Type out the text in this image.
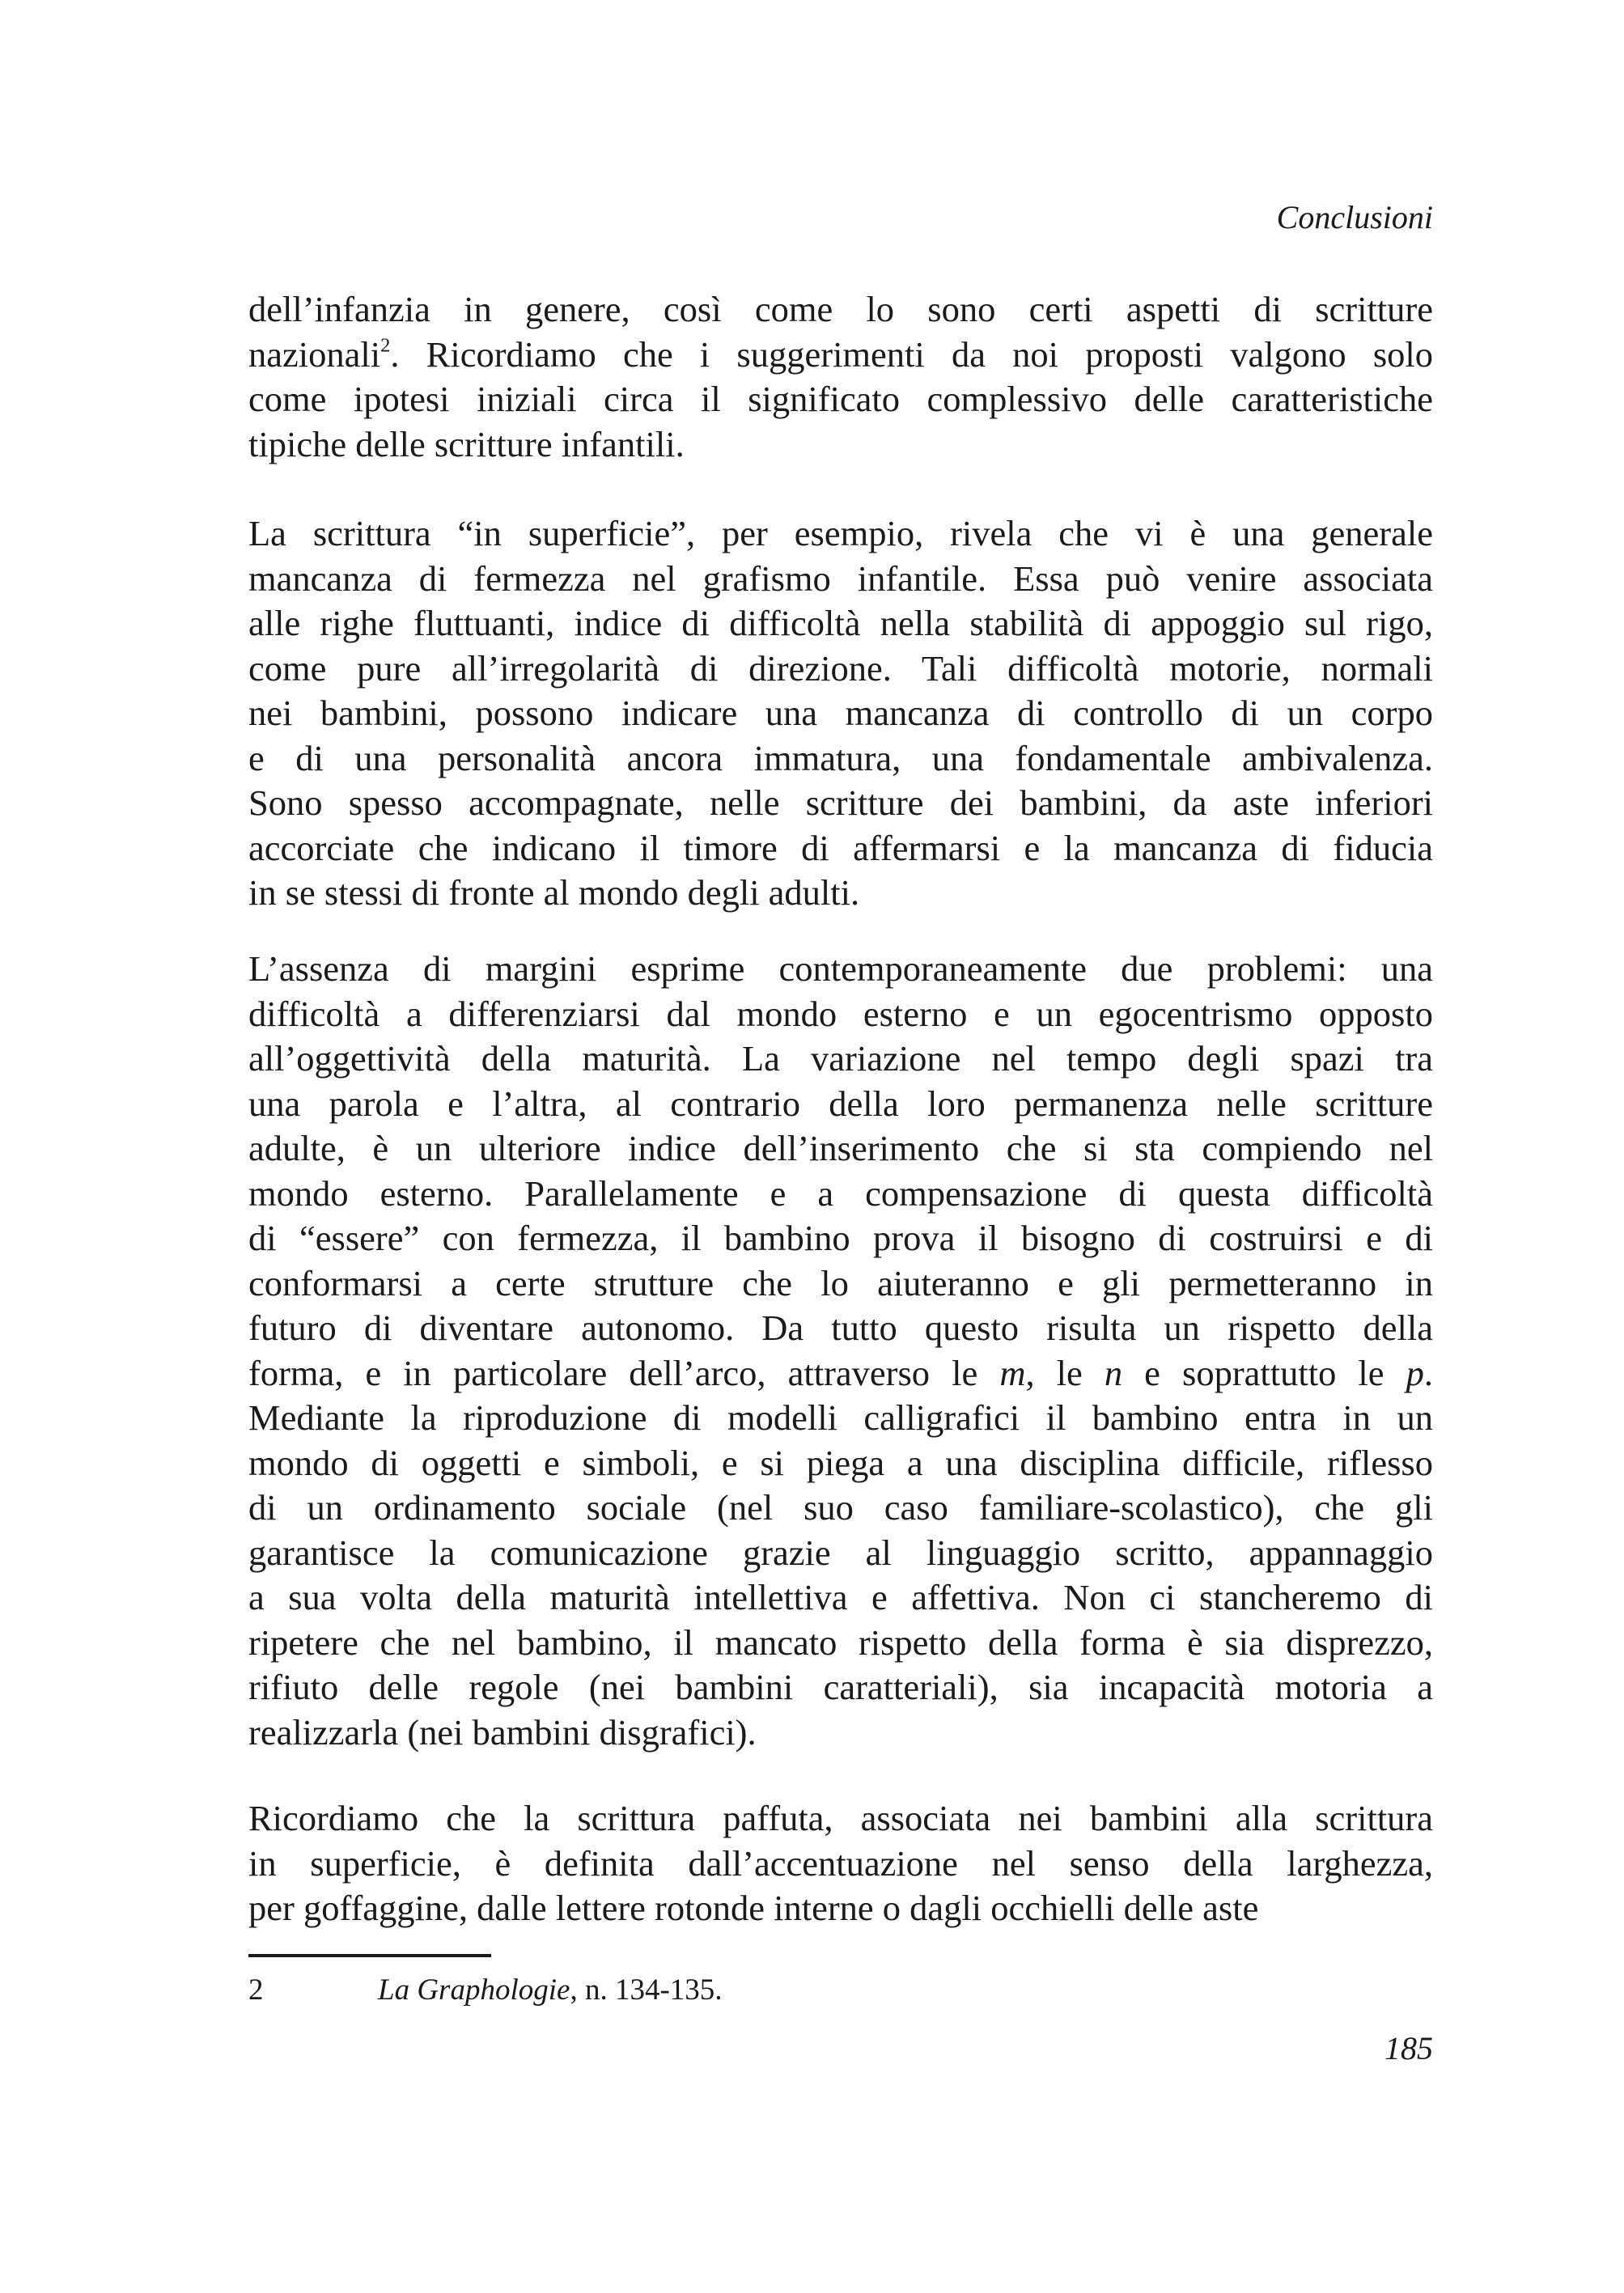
Conclusioni

dell’infanzia in genere, così come lo sono certi aspetti di scritture
nazionali$^2$. Ricordiamo che i suggerimenti da noi proposti valgono solo
come ipotesi iniziali circa il significato complessivo delle caratteristiche
tipiche delle scritture infantili.

La scrittura “in superficie”, per esempio, rivela che vi è una generale
mancanza di fermezza nel grafismo infantile. Essa può venire associata
alle righe fluttuanti, indice di difficoltà nella stabilità di appoggio sul rigo,
come pure all’irregolarità di direzione. Tali difficoltà motorie, normali
nei bambini, possono indicare una mancanza di controllo di un corpo
e di una personalità ancora immatura, una fondamentale ambivalenza.
Sono spesso accompagnate, nelle scritture dei bambini, da aste inferiori
accorciate che indicano il timore di affermarsi e la mancanza di fiducia
in se stessi di fronte al mondo degli adulti.

L’assenza di margini esprime contemporaneamente due problemi: una
difficoltà a differenziarsi dal mondo esterno e un egocentrismo opposto
all’oggettività della maturità. La variazione nel tempo degli spazi tra
una parola e l’altra, al contrario della loro permanenza nelle scritture
adulte, è un ulteriore indice dell’inserimento che si sta compiendo nel
mondo esterno. Parallelamente e a compensazione di questa difficoltà
di “essere” con fermezza, il bambino prova il bisogno di costruirsi e di
conformarsi a certe strutture che lo aiuteranno e gli permetteranno in
futuro di diventare autonomo. Da tutto questo risulta un rispetto della
forma, e in particolare dell’arco, attraverso le m, le n e soprattutto le p.
Mediante la riproduzione di modelli calligrafici il bambino entra in un
mondo di oggetti e simboli, e si piega a una disciplina difficile, riflesso
di un ordinamento sociale (nel suo caso familiare-scolastico), che gli
garantisce la comunicazione grazie al linguaggio scritto, appannaggio
a sua volta della maturità intellettiva e affettiva. Non ci stancheremo di
ripetere che nel bambino, il mancato rispetto della forma è sia disprezzo,
rifiuto delle regole (nei bambini caratteriali), sia incapacità motoria a
realizzarla (nei bambini disgrafici).

Ricordiamo che la scrittura paffuta, associata nei bambini alla scrittura
in superficie, è definita dall’accentuazione nel senso della larghezza,
per goffaggine, dalle lettere rotonde interne o dagli occhielli delle aste

2	La Graphologie, n. 134-135.
185
